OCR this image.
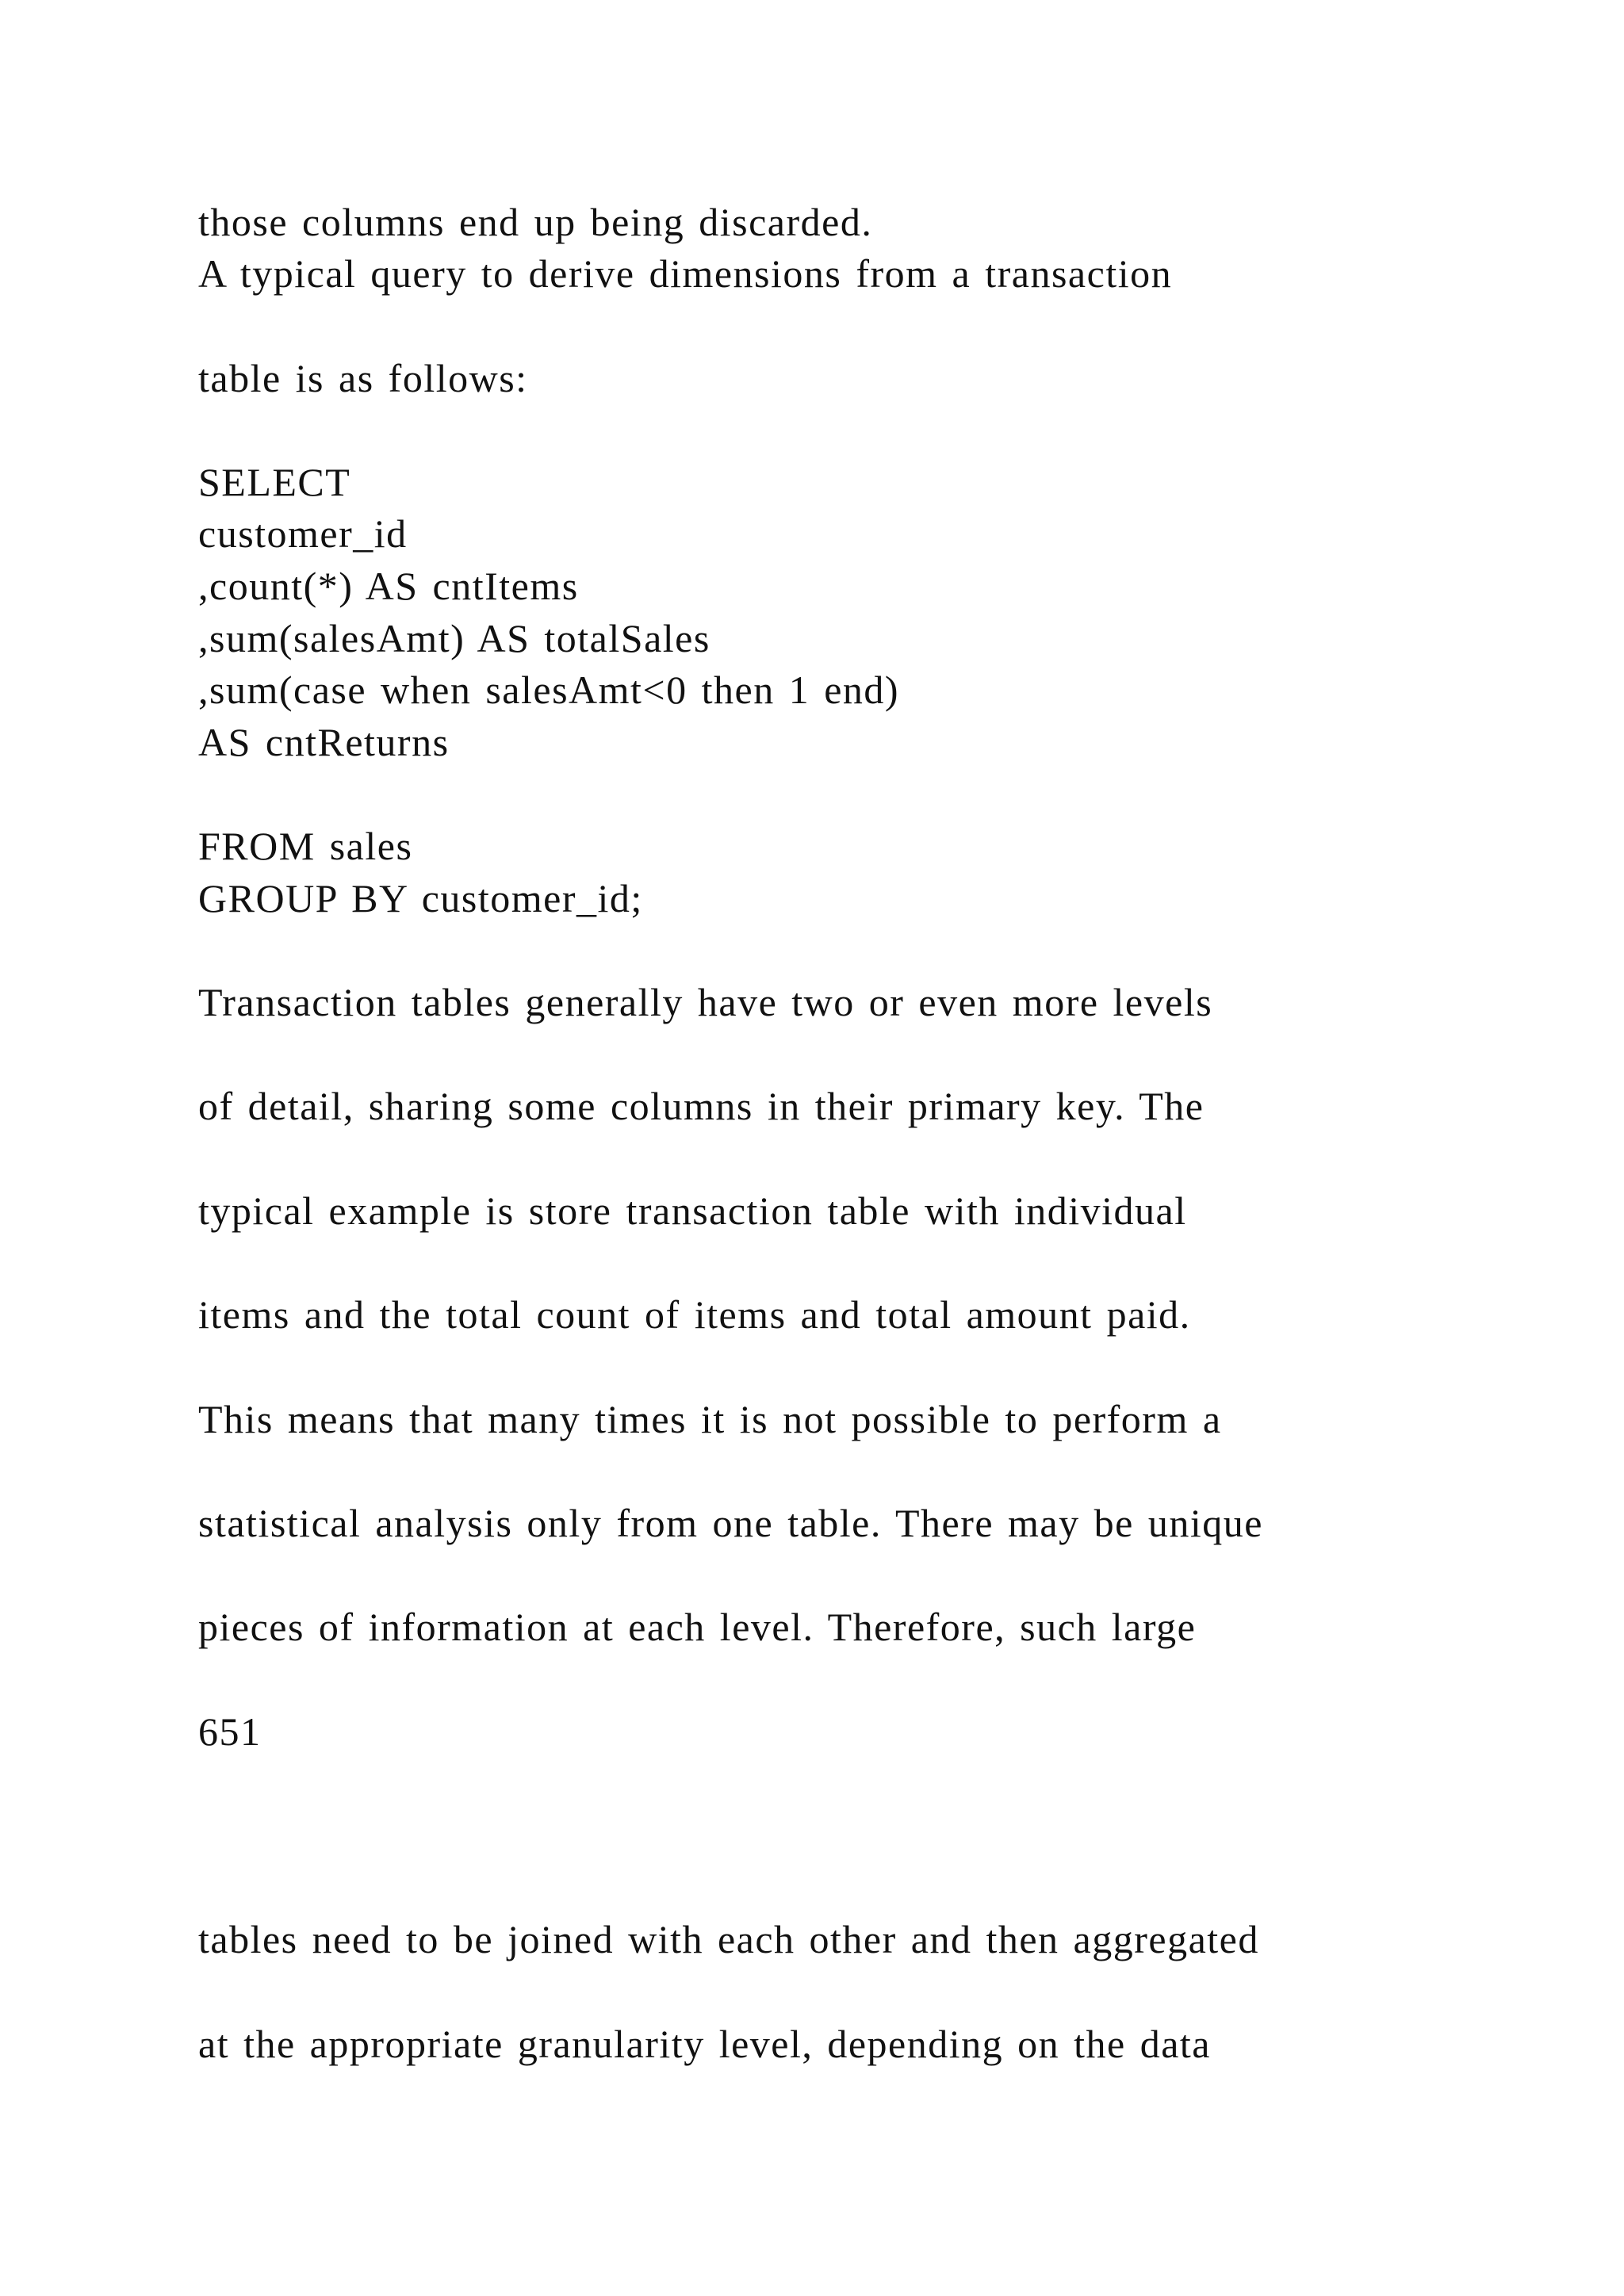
those columns end up being discarded.

A typical query to derive dimensions from a transaction

table is as follows:

SELECT

customer_id

,count(*) AS cntItems

,sum(salesAmt) AS totalSales

,sum(case when salesAmt<0 then 1 end)

AS cntReturns

FROM sales

GROUP BY customer_id;

Transaction tables generally have two or even more levels

of detail, sharing some columns in their primary key. The

typical example is store transaction table with individual

items and the total count of items and total amount paid.

This means that many times it is not possible to perform a

statistical analysis only from one table. There may be unique

pieces of information at each level. Therefore, such large

651

tables need to be joined with each other and then aggregated

at the appropriate granularity level, depending on the data
